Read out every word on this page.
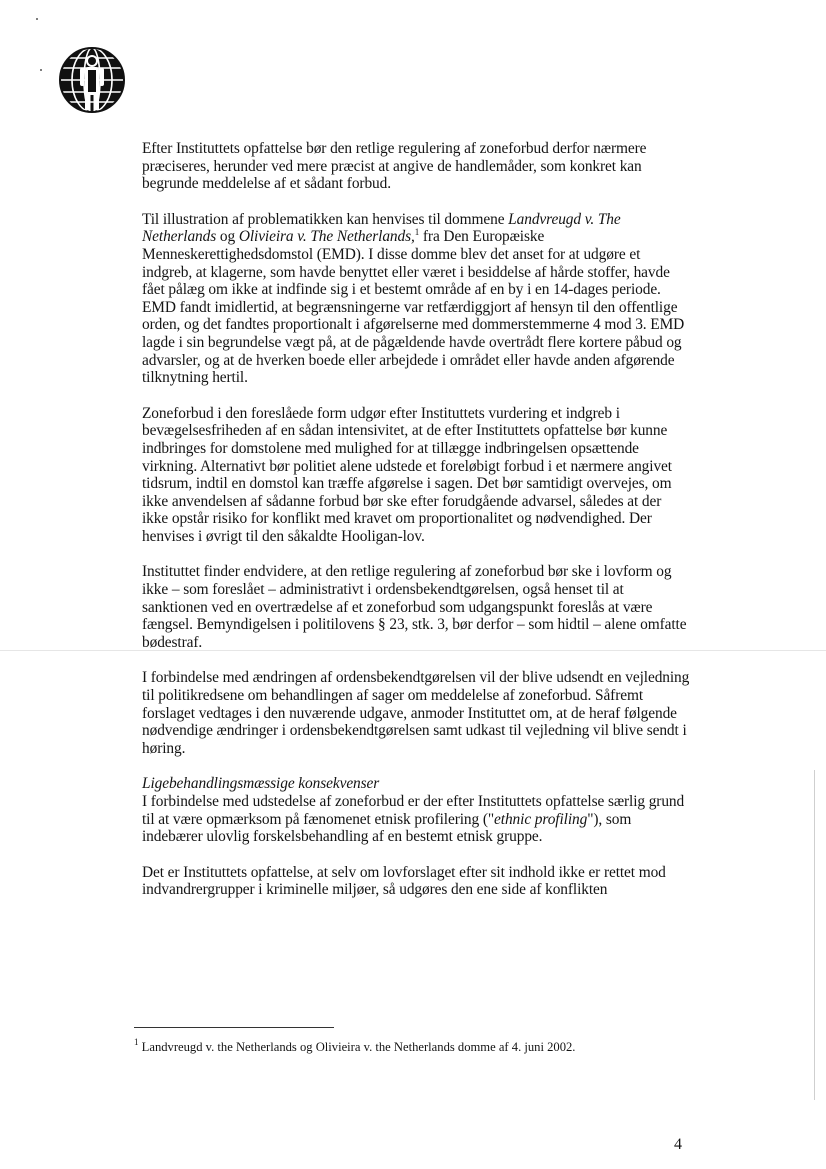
Efter Instituttets opfattelse bør den retlige regulering af zoneforbud derfor nærmere præciseres, herunder ved mere præcist at angive de handlemåder, som konkret kan begrunde meddelelse af et sådant forbud.

Til illustration af problematikken kan henvises til dommene Landvreugd v. The Netherlands og Olivieira v. The Netherlands,$^1$ fra Den Europæiske Menneskerettighedsdomstol (EMD). I disse domme blev det anset for at udgøre et indgreb, at klagerne, som havde benyttet eller været i besiddelse af hårde stoffer, havde fået pålæg om ikke at indfinde sig i et bestemt område af en by i en 14-dages periode. EMD fandt imidlertid, at begrænsningerne var retfærdiggjort af hensyn til den offentlige orden, og det fandtes proportionalt i afgørelserne med dommerstemmerne 4 mod 3. EMD lagde i sin begrundelse vægt på, at de pågældende havde overtrådt flere kortere påbud og advarsler, og at de hverken boede eller arbejdede i området eller havde anden afgørende tilknytning hertil.

Zoneforbud i den foreslåede form udgør efter Instituttets vurdering et indgreb i bevægelsesfriheden af en sådan intensivitet, at de efter Instituttets opfattelse bør kunne indbringes for domstolene med mulighed for at tillægge indbringelsen opsættende virkning. Alternativt bør politiet alene udstede et foreløbigt forbud i et nærmere angivet tidsrum, indtil en domstol kan træffe afgørelse i sagen. Det bør samtidigt overvejes, om ikke anvendelsen af sådanne forbud bør ske efter forudgående advarsel, således at der ikke opstår risiko for konflikt med kravet om proportionalitet og nødvendighed. Der henvises i øvrigt til den såkaldte Hooligan-lov.

Instituttet finder endvidere, at den retlige regulering af zoneforbud bør ske i lovform og ikke – som foreslået – administrativt i ordensbekendtgørelsen, også henset til at sanktionen ved en overtrædelse af et zoneforbud som udgangspunkt foreslås at være fængsel. Bemyndigelsen i politilovens § 23, stk. 3, bør derfor – som hidtil – alene omfatte bødestraf.

I forbindelse med ændringen af ordensbekendtgørelsen vil der blive udsendt en vejledning til politikredsene om behandlingen af sager om meddelelse af zoneforbud. Såfremt forslaget vedtages i den nuværende udgave, anmoder Instituttet om, at de heraf følgende nødvendige ændringer i ordensbekendtgørelsen samt udkast til vejledning vil blive sendt i høring.

Ligebehandlingsmæssige konsekvenser

I forbindelse med udstedelse af zoneforbud er der efter Instituttets opfattelse særlig grund til at være opmærksom på fænomenet etnisk profilering ("ethnic profiling"), som indebærer ulovlig forskelsbehandling af en bestemt etnisk gruppe.

Det er Instituttets opfattelse, at selv om lovforslaget efter sit indhold ikke er rettet mod indvandrergrupper i kriminelle miljøer, så udgøres den ene side af konflikten

$^1$ Landvreugd v. the Netherlands og Olivieira v. the Netherlands domme af 4. juni 2002.
4
